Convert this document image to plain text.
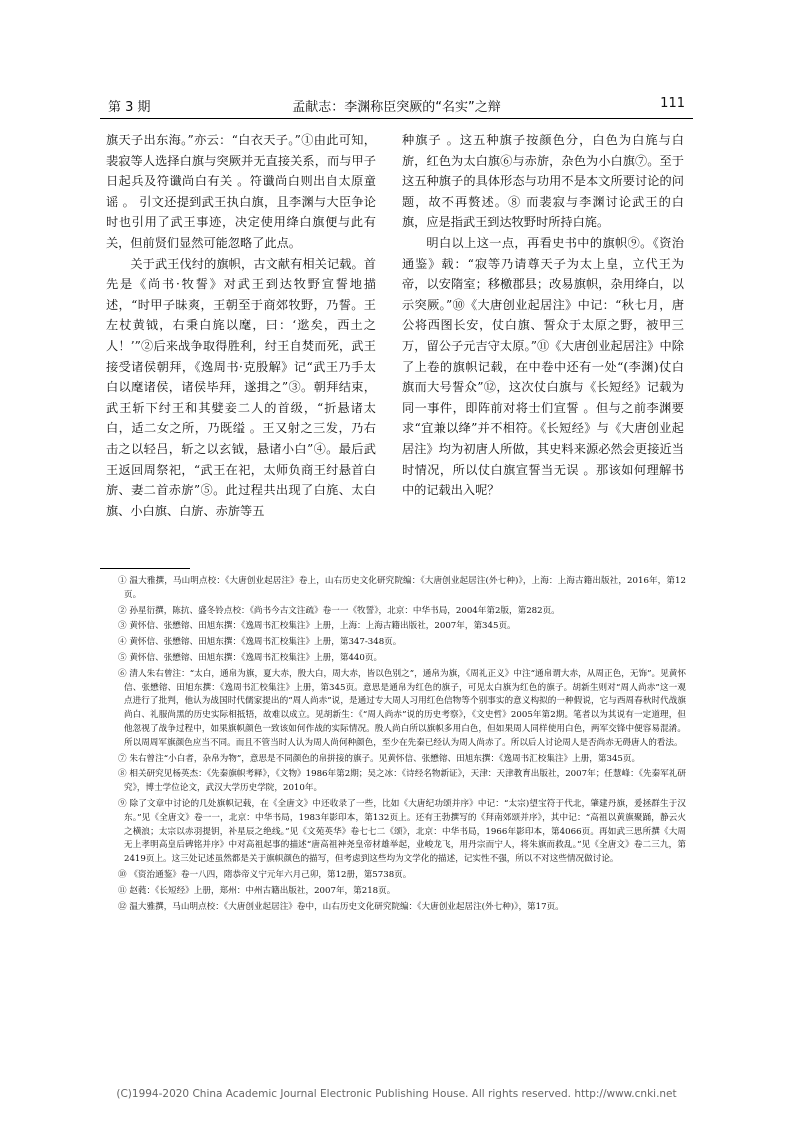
第 3 期	孟献志：李渊称臣突厥的“名实”之辩	111

旗天子出东海。”亦云：“白衣天子。”①由此可知，裴寂等人选择白旗与突厥并无直接关系，而与甲子日起兵及符谶尚白有关 。符谶尚白则出自太原童谣 。 引文还提到武王执白旗，且李渊与大臣争论时也引用了武王事迹，决定使用绛白旗便与此有关，但前贤们显然可能忽略了此点。

关于武王伐纣的旗帜，古文献有相关记载。首先是《尚书·牧誓》对武王到达牧野宣誓地描述，“时甲子昧爽，王朝至于商郊牧野，乃誓。王左杖黄钺，右秉白旄以麾，曰：‘逖矣，西土之人！’”②后来战争取得胜利，纣王自焚而死，武王接受诸侯朝拜，《逸周书·克殷解》记“武王乃手太白以麾诸侯，诸侯毕拜，遂揖之”③。朝拜结束，武王斩下纣王和其嬖妾二人的首级，“折悬诸太白，适二女之所，乃既缢 。王又射之三发，乃右击之以轻吕，斩之以玄钺，悬诸小白”④。最后武王返回周祭祀，“武王在祀，太师负商王纣悬首白旂、妻二首赤旂”⑤。此过程共出现了白旄、太白旗、小白旗、白旂、赤旂等五

种旗子 。这五种旗子按颜色分，白色为白旄与白旂，红色为太白旗⑥与赤旂，杂色为小白旗⑦。至于这五种旗子的具体形态与功用不是本文所要讨论的问题，故不再赘述。⑧ 而裴寂与李渊讨论武王的白旗，应是指武王到达牧野时所持白旄。

明白以上这一点，再看史书中的旗帜⑨。《资治通鉴》载：“寂等乃请尊天子为太上皇，立代王为帝，以安隋室；移檄郡县；改易旗帜，杂用绛白，以示突厥。”⑩《大唐创业起居注》中记：“秋七月，唐公将西图长安，仗白旗、誓众于太原之野，被甲三万，留公子元吉守太原。”⑪《大唐创业起居注》中除了上卷的旗帜记载，在中卷中还有一处“(李渊)仗白旗而大号誓众”⑫，这次仗白旗与《长短经》记载为同一事件，即阵前对将士们宣誓 。但与之前李渊要求“宜兼以绛”并不相符。《长短经》与《大唐创业起居注》均为初唐人所做，其史料来源必然会更接近当时情况，所以仗白旗宣誓当无误 。那该如何理解书中的记载出入呢？

① 温大雅撰，马山明点校：《大唐创业起居注》卷上，山右历史文化研究院编：《大唐创业起居注(外七种)》，上海：上海古籍出版社，2016年，第12页。

② 孙星衍撰，陈抗、盛冬铃点校：《尚书今古文注疏》卷一一《牧誓》，北京：中华书局，2004年第2版，第282页。

③ 黄怀信、张懋镕、田旭东撰：《逸周书汇校集注》上册，上海：上海古籍出版社，2007年，第345页。

④ 黄怀信、张懋镕、田旭东撰：《逸周书汇校集注》上册，第347-348页。

⑤ 黄怀信、张懋镕、田旭东撰：《逸周书汇校集注》上册，第440页。

⑥ 清人朱右曾注：“太白，通帛为旗，夏大赤，殷大白，周大赤，皆以色别之”，通帛为旗，《周礼正义》中注“通帛谓大赤，从周正色，无饰”。见黄怀信、张懋镕、田旭东撰：《逸周书汇校集注》上册，第345页。意思是通帛为红色的旗子，可见太白旗为红色的旗子。胡新生则对“周人尚赤”这一观点进行了批判，他认为战国时代儒家提出的“周人尚赤”说，是通过专大周人习用红色信物等个别事实的意义构拟的一种假说，它与西周春秋时代战旗尚白、礼服尚黑的历史实际相抵牾，故难以成立。见胡新生：《“周人尚赤”说的历史考察》，《文史哲》2005年第2期。笔者以为其说有一定道理，但他忽视了战争过程中，如果旗帜颜色一致该如何作战的实际情况。殷人尚白所以旗帜多用白色，但如果周人同样使用白色，两军交锋中便容易混淆。所以周周军旗颜色应当不同。而且不管当时人认为周人尚何种颜色，至少在先秦已经认为周人尚赤了。所以后人讨论周人是否尚赤无碍唐人的看法。

⑦ 朱右曾注“小白者，杂帛为物”，意思是不同颜色的帛拼接的旗子。见黄怀信、张懋镕、田旭东撰：《逸周书汇校集注》上册，第345页。

⑧ 相关研究见杨英杰：《先秦旗帜考释》，《文物》1986年第2期；吴之冰：《诗经名物新证》，天津：天津教育出版社，2007年；任慧峰：《先秦军礼研究》，博士学位论文，武汉大学历史学院，2010年。

⑨ 除了文章中讨论的几处旗帜记载，在《全唐文》中还收录了一些，比如《大唐纪功颂并序》中记：“太宗)望宝符于代北，肇建丹旗，爰拯群生于汉东。”见《全唐文》卷一一，北京：中华书局，1983年影印本，第132页上。还有王勃撰写的《拜南郊颂并序》，其中记：“高祖以黄旗聚踊，静云火之横浪；太宗以赤羽提钥，补星辰之绝线。”见《文苑英华》卷七七二《颂》，北京：中华书局，1966年影印本，第4066页。再如武三思所撰《大周无上孝明高皇后碑铭并序》中对高祖起事的描述“唐高祖神尧皇帝材雄举起，业峻龙飞，用丹宗而宁人，将朱旗而救乱。”见《全唐文》卷二三九，第2419页上。这三处记述虽然都是关于旗帜颜色的描写，但考虑到这些均为文学化的描述，记实性不强，所以不对这些情况做讨论。

⑩ 《资治通鉴》卷一八四，隋恭帝义宁元年六月己卯，第12册，第5738页。

⑪ 赵蕤：《长短经》上册，郑州：中州古籍出版社，2007年，第218页。

⑫ 温大雅撰，马山明点校：《大唐创业起居注》卷中，山右历史文化研究院编：《大唐创业起居注(外七种)》，第17页。

(C)1994-2020 China Academic Journal Electronic Publishing House. All rights reserved. http://www.cnki.net
